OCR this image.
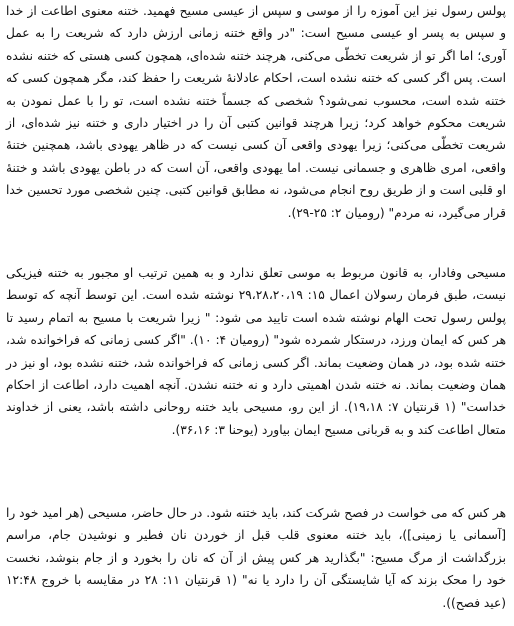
پولس رسول نیز این آموزه را از موسی و سپس از عیسی مسیح فهمید. ختنه معنوی اطاعت از خدا و سپس به پسر او عیسی مسیح است: "در واقع ختنه زمانی ارزش دارد که شریعت را به عمل آوری؛ اما اگر تو از شریعت تخطّی می‌کنی، هرچند ختنه شده‌ای، همچون کسی هستی که ختنه نشده است. پس اگر کسی که ختنه نشده است، احکام عادلانهٔ شریعت را حفظ کند، مگر همچون کسی که ختنه شده است، محسوب نمی‌شود؟ شخصی که جسماً ختنه نشده است، تو را با عمل نمودن به شریعت محکوم خواهد کرد؛ زیرا هرچند قوانین کتبی آن را در اختیار داری و ختنه نیز شده‌ای، از شریعت تخطّی می‌کنی؛ زیرا یهودی واقعی آن کسی نیست که در ظاهر یهودی باشد، همچنین ختنهٔ واقعی، امری ظاهری و جسمانی نیست. اما یهودی واقعی، آن است که در باطن یهودی باشد و ختنهٔ او قلبی است و از طریق روح انجام می‌شود، نه مطابق قوانین کتبی. چنین شخصی مورد تحسین خدا قرار می‌گیرد، نه مردم" (رومیان ۲: ۲۵-۲۹).

مسیحی وفادار، به قانون مربوط به موسی تعلق ندارد و به همین ترتیب او مجبور به ختنه فیزیکی نیست، طبق فرمان رسولان اعمال ۱۵: ۲۹،۲۸،۲۰،۱۹ نوشته شده است. این توسط آنچه که توسط پولس رسول تحت الهام نوشته شده است تایید می شود: " زیرا شریعت با مسیح به اتمام رسید تا هر کس که ایمان ورزد، درستکار شمرده شود" (رومیان ۴: ۱۰). "اگر کسی زمانی که فراخوانده شد، ختنه شده بود، در همان وضعیت بماند. اگر کسی زمانی که فراخوانده شد، ختنه نشده بود، او نیز در همان وضعیت بماند. نه ختنه شدن اهمیتی دارد و نه ختنه نشدن. آنچه اهمیت دارد، اطاعت از احکام خداست" (۱ قرنتیان ۷: ۱۹،۱۸). از این رو، مسیحی باید ختنه روحانی داشته باشد، یعنی از خداوند متعال اطاعت کند و به قربانی مسیح ایمان بیاورد (یوحنا ۳: ۳۶،۱۶).

هر کس که می خواست در فصح شرکت کند، باید ختنه شود. در حال حاضر، مسیحی (هر امید خود را [آسمانی یا زمینی])، باید ختنه معنوی قلب قبل از خوردن نان فطیر و نوشیدن جام، مراسم بزرگداشت از مرگ مسیح: "بگذارید هر کس پیش از آن که نان را بخورد و از جام بنوشد، نخست خود را محک بزند که آیا شایستگی آن را دارد یا نه" (۱ قرنتیان ۱۱: ۲۸ در مقایسه با خروج ۱۲:۴۸ (عید فصح)).
